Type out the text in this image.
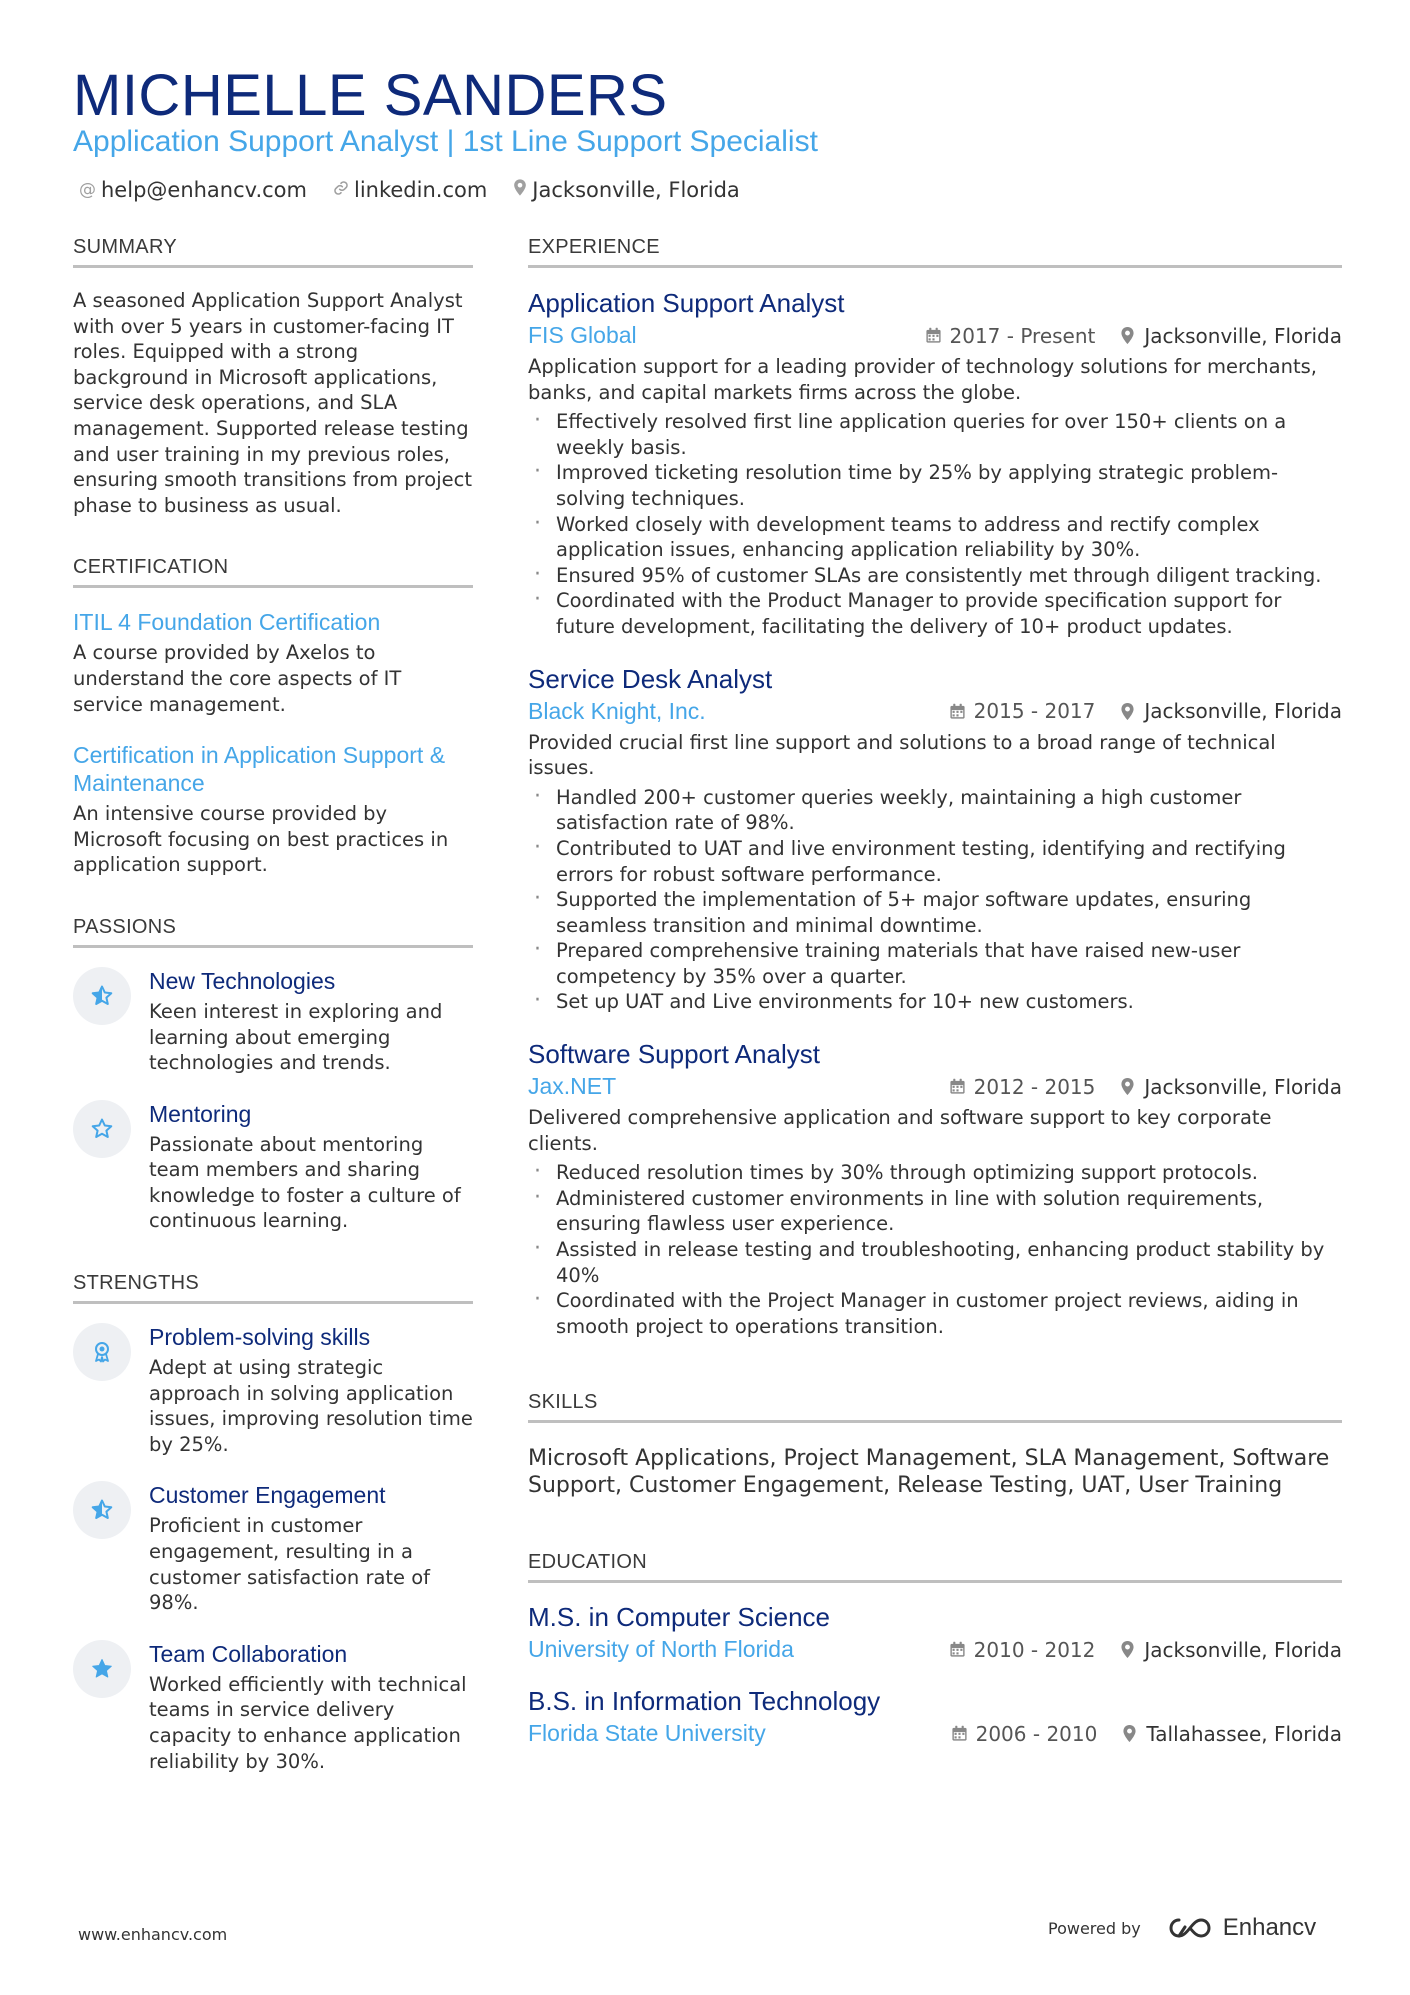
MICHELLE SANDERS
Application Support Analyst | 1st Line Support Specialist
@ help@enhancv.com linkedin.com Jacksonville, Florida
SUMMARY
A seasoned Application Support Analyst with over 5 years in customer-facing IT roles. Equipped with a strong background in Microsoft applications, service desk operations, and SLA management. Supported release testing and user training in my previous roles, ensuring smooth transitions from project phase to business as usual.
CERTIFICATION
ITIL 4 Foundation Certification
A course provided by Axelos to understand the core aspects of IT service management.
Certification in Application Support & Maintenance
An intensive course provided by Microsoft focusing on best practices in application support.
PASSIONS
New Technologies
Keen interest in exploring and learning about emerging technologies and trends.
Mentoring
Passionate about mentoring team members and sharing knowledge to foster a culture of continuous learning.
STRENGTHS
Problem-solving skills
Adept at using strategic approach in solving application issues, improving resolution time by 25%.
Customer Engagement
Proficient in customer engagement, resulting in a customer satisfaction rate of 98%.
Team Collaboration
Worked efficiently with technical teams in service delivery capacity to enhance application reliability by 30%.
EXPERIENCE
Application Support Analyst
FIS Global	2017 - Present Jacksonville, Florida
Application support for a leading provider of technology solutions for merchants, banks, and capital markets firms across the globe.
· Effectively resolved first line application queries for over 150+ clients on a weekly basis.
· Improved ticketing resolution time by 25% by applying strategic problem-solving techniques.
· Worked closely with development teams to address and rectify complex application issues, enhancing application reliability by 30%.
· Ensured 95% of customer SLAs are consistently met through diligent tracking.
· Coordinated with the Product Manager to provide specification support for future development, facilitating the delivery of 10+ product updates.
Service Desk Analyst
Black Knight, Inc.	2015 - 2017 Jacksonville, Florida
Provided crucial first line support and solutions to a broad range of technical issues.
· Handled 200+ customer queries weekly, maintaining a high customer satisfaction rate of 98%.
· Contributed to UAT and live environment testing, identifying and rectifying errors for robust software performance.
· Supported the implementation of 5+ major software updates, ensuring seamless transition and minimal downtime.
· Prepared comprehensive training materials that have raised new-user competency by 35% over a quarter.
· Set up UAT and Live environments for 10+ new customers.
Software Support Analyst
Jax.NET	2012 - 2015 Jacksonville, Florida
Delivered comprehensive application and software support to key corporate clients.
· Reduced resolution times by 30% through optimizing support protocols.
· Administered customer environments in line with solution requirements, ensuring flawless user experience.
· Assisted in release testing and troubleshooting, enhancing product stability by 40%
· Coordinated with the Project Manager in customer project reviews, aiding in smooth project to operations transition.
SKILLS
Microsoft Applications, Project Management, SLA Management, Software Support, Customer Engagement, Release Testing, UAT, User Training
EDUCATION
M.S. in Computer Science
University of North Florida	2010 - 2012 Jacksonville, Florida
B.S. in Information Technology
Florida State University	2006 - 2010 Tallahassee, Florida
www.enhancv.com	Powered by	Enhancv
